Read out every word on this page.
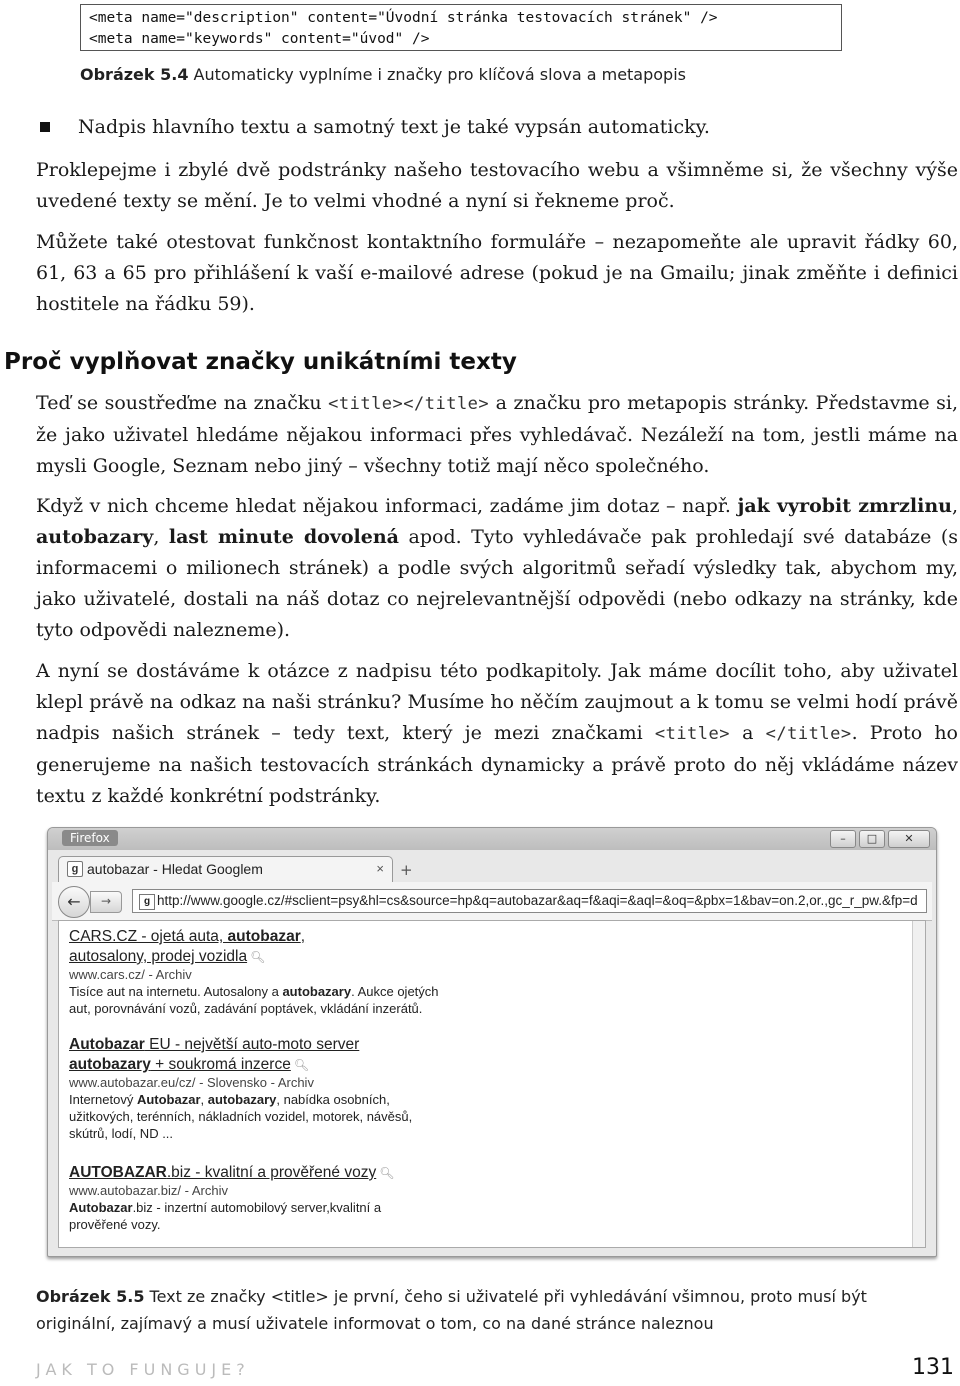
<meta name="description" content="Úvodní stránka testovacích stránek" />
<meta name="keywords" content="úvod" />
Obrázek 5.4 Automaticky vyplníme i značky pro klíčová slova a metapopis
Nadpis hlavního textu a samotný text je také vypsán automaticky.
Proklepejme i zbylé dvě podstránky našeho testovacího webu a všimněme si, že všechny výše uvedené texty se mění. Je to velmi vhodné a nyní si řekneme proč.
Můžete také otestovat funkčnost kontaktního formuláře – nezapomeňte ale upravit řádky 60, 61, 63 a 65 pro přihlášení k vaší e-mailové adrese (pokud je na Gmailu; jinak změňte i definici hostitele na řádku 59).
Proč vyplňovat značky unikátními texty
Teď se soustřeďme na značku <title></title> a značku pro metapopis stránky. Představme si, že jako uživatel hledáme nějakou informaci přes vyhledávač. Nezáleží na tom, jestli máme na mysli Google, Seznam nebo jiný – všechny totiž mají něco společného.
Když v nich chceme hledat nějakou informaci, zadáme jim dotaz – např. jak vyrobit zmrzlinu, autobazary, last minute dovolená apod. Tyto vyhledávače pak prohledají své databáze (s informacemi o milionech stránek) a podle svých algoritmů seřadí výsledky tak, abychom my, jako uživatelé, dostali na náš dotaz co nejrelevantnější odpovědi (nebo odkazy na stránky, kde tyto odpovědi nalezneme).
A nyní se dostáváme k otázce z nadpisu této podkapitoly. Jak máme docílit toho, aby uživatel klepl právě na odkaz na naši stránku? Musíme ho něčím zaujmout a k tomu se velmi hodí právě nadpis našich stránek – tedy text, který je mezi značkami <title> a </title>. Proto ho generujeme na našich testovacích stránkách dynamicky a právě proto do něj vkládáme název textu z každé konkrétní podstránky.
Firefox	–	□	✕
g autobazar - Hledat Googlem	× +
←	→	g http://www.google.cz/#sclient=psy&hl=cs&source=hp&q=autobazar&aq=f&aqi=&aql=&oq=&pbx=1&bav=on.2,or.,gc_r_pw.&fp=d
CARS.CZ - ojetá auta, autobazar,
autosalony, prodej vozidla 🔍︎
www.cars.cz/ - Archiv
Tisíce aut na internetu. Autosalony a autobazary. Aukce ojetých aut, porovnávání vozů, zadávání poptávek, vkládání inzerátů.
Autobazar EU - největší auto-moto server
autobazary + soukromá inzerce 🔍︎
www.autobazar.eu/cz/ - Slovensko - Archiv
Internetový Autobazar, autobazary, nabídka osobních, užitkových, terénních, nákladních vozidel, motorek, návěsů, skútrů, lodí, ND ...
AUTOBAZAR.biz - kvalitní a prověřené vozy 🔍︎
www.autobazar.biz/ - Archiv
Autobazar.biz - inzertní automobilový server,kvalitní a prověřené vozy.
Obrázek 5.5 Text ze značky <title> je první, čeho si uživatelé při vyhledávání všimnou, proto musí být originální, zajímavý a musí uživatele informovat o tom, co na dané stránce naleznou
JAK TO FUNGUJE?	131
